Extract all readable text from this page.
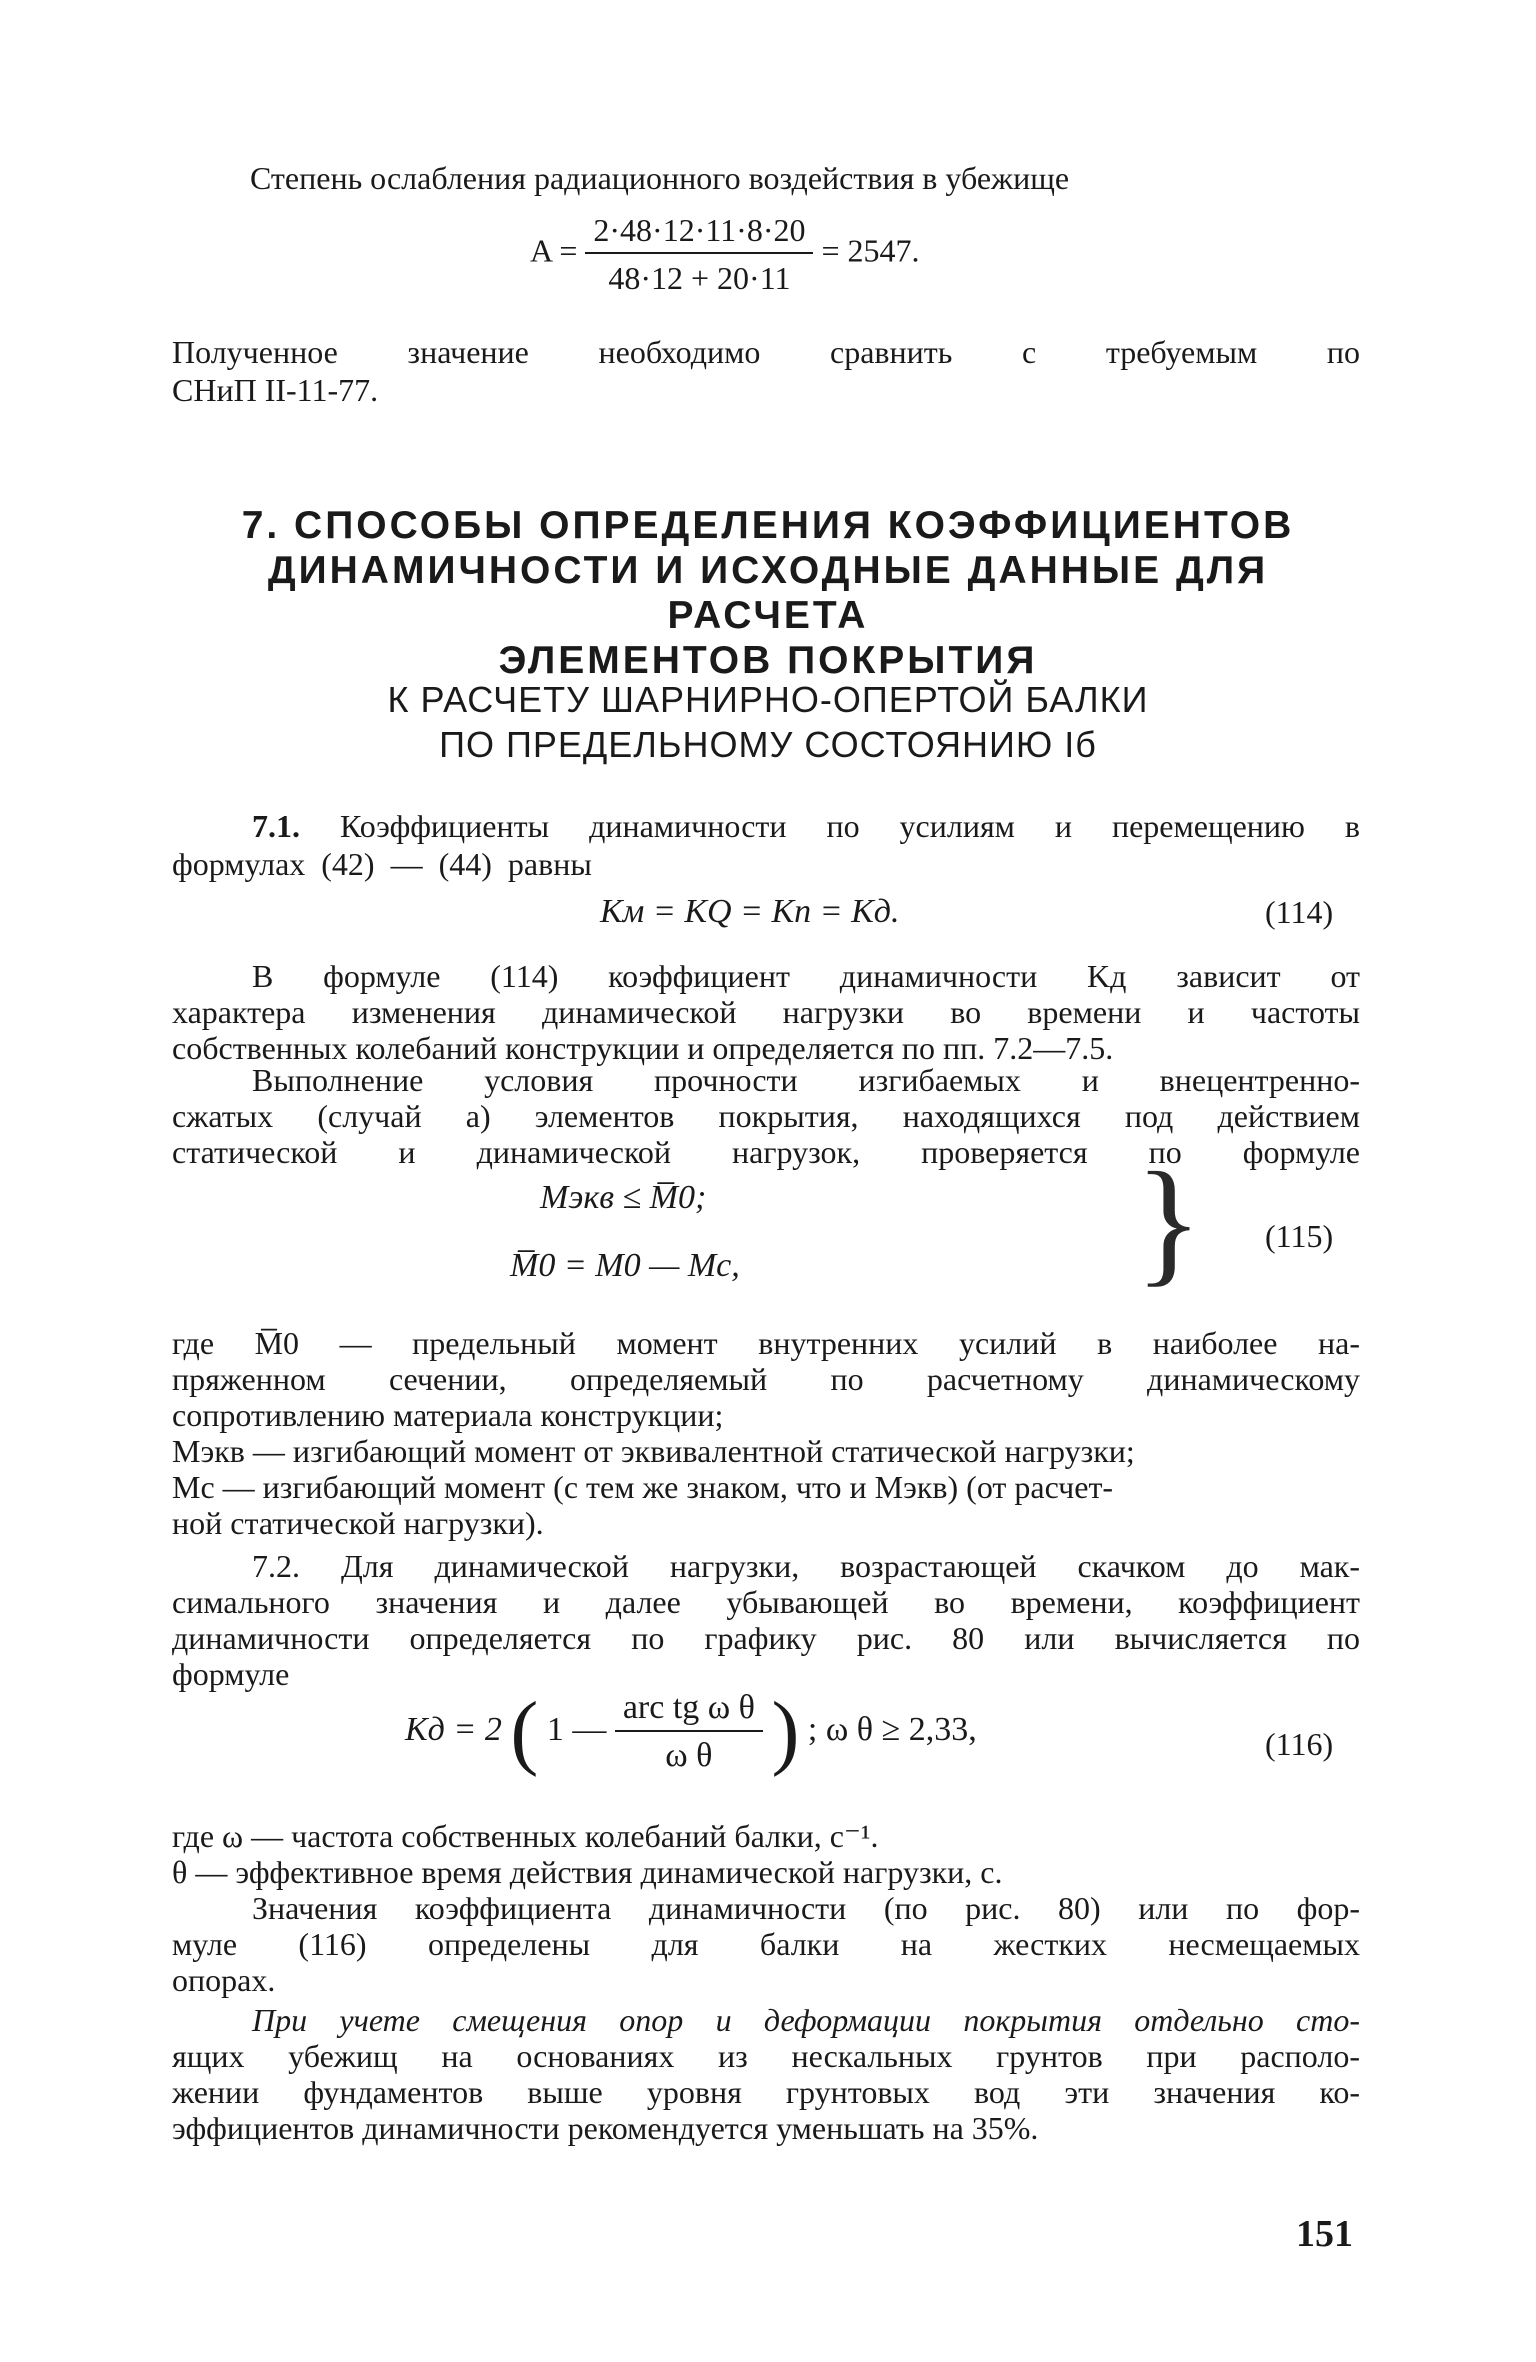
Степень ослабления радиационного воздействия в убежище
$A = \frac{2\cdot 48\cdot 12\cdot 11\cdot 8\cdot 20}{48\cdot 12 + 20\cdot 11} = 2547$.
Полученное значение необходимо сравнить с требуемым по
СНиП II-11-77.
7. СПОСОБЫ ОПРЕДЕЛЕНИЯ КОЭФФИЦИЕНТОВ
ДИНАМИЧНОСТИ И ИСХОДНЫЕ ДАННЫЕ ДЛЯ РАСЧЕТА
ЭЛЕМЕНТОВ ПОКРЫТИЯ
К РАСЧЕТУ ШАРНИРНО-ОПЕРТОЙ БАЛКИ
ПО ПРЕДЕЛЬНОМУ СОСТОЯНИЮ Iб
7.1. Коэффициенты динамичности по усилиям и перемещению в
формулах (42) — (44) равны
Kм = KQ = Kп = Kд.	(114)
В формуле (114) коэффициент динамичности Kд зависит от
характера изменения динамической нагрузки во времени и частоты
собственных колебаний конструкции и определяется по пп. 7.2—7.5.
Выполнение условия прочности изгибаемых и внецентренно-
сжатых (случай а) элементов покрытия, находящихся под действием
статической и динамической нагрузок, проверяется по формуле
Mэкв ≤ M̅0;
M̅0 = M0 — Mc,	} (115)
где M̅0 — предельный момент внутренних усилий в наиболее на-
пряженном сечении, определяемый по расчетному динамическому
сопротивлению материала конструкции;
Mэкв — изгибающий момент от эквивалентной статической нагрузки;
Mc — изгибающий момент (с тем же знаком, что и Mэкв) (от расчет-
ной статической нагрузки).
7.2. Для динамической нагрузки, возрастающей скачком до мак-
симального значения и далее убывающей во времени, коэффициент
динамичности определяется по графику рис. 80 или вычисляется по
формуле
Kд = 2 ( 1 — $\frac{\text{arc tg ω θ}}{\text{ω θ}}$ ) ; ω θ ≥ 2,33,	(116)
где ω — частота собственных колебаний балки, c⁻¹.
θ — эффективное время действия динамической нагрузки, c.
Значения коэффициента динамичности (по рис. 80) или по фор-
муле (116) определены для балки на жестких несмещаемых
опорах.
При учете смещения опор и деформации покрытия отдельно сто-
ящих убежищ на основаниях из нескальных грунтов при располо-
жении фундаментов выше уровня грунтовых вод эти значения ко-
эффициентов динамичности рекомендуется уменьшать на 35%.
151
